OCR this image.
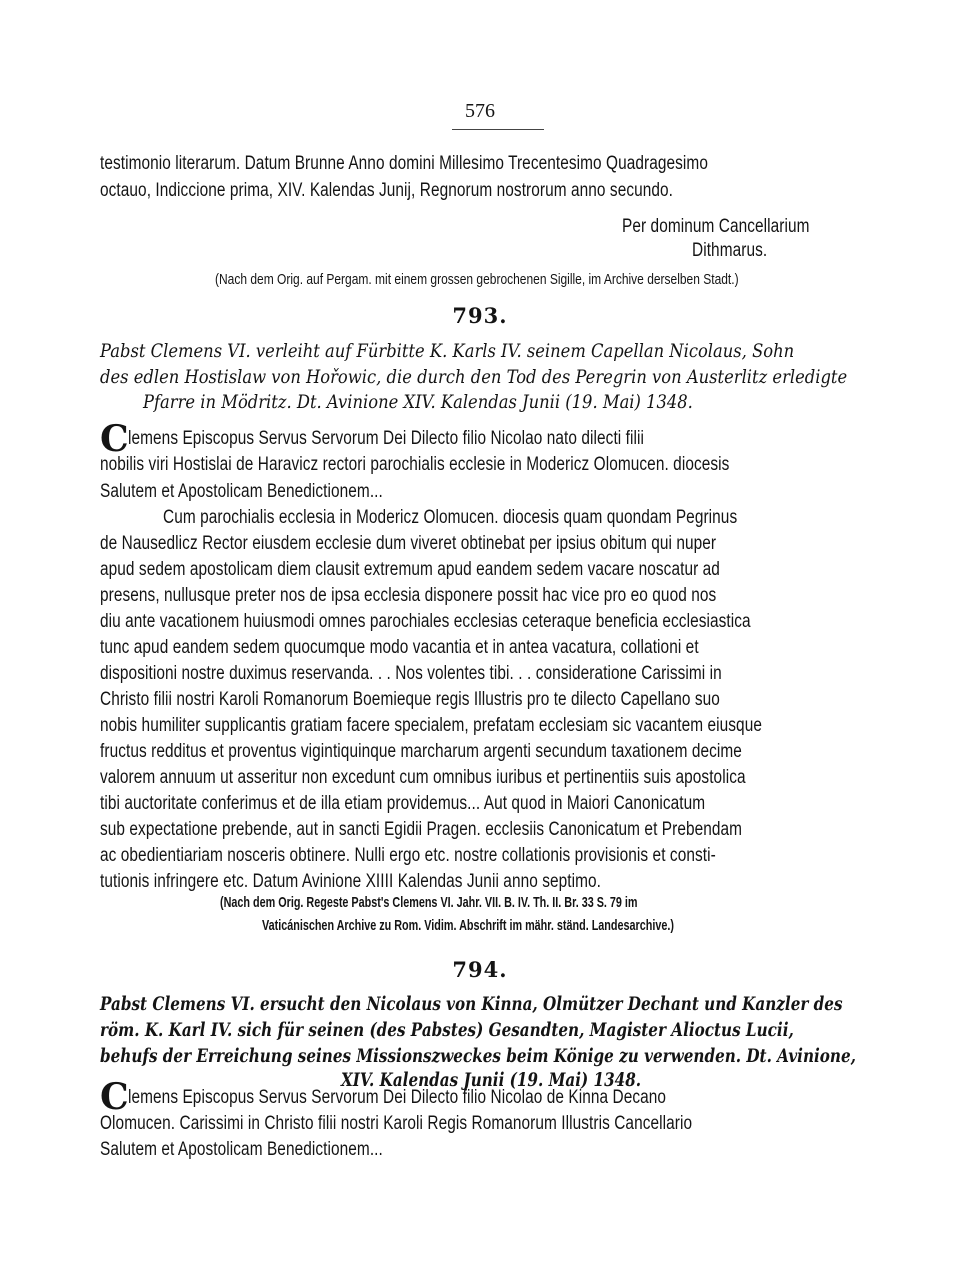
576
testimonio literarum. Datum Brunne Anno domini Millesimo Trecentesimo Quadragesimo
octauo, Indiccione prima, XIV. Kalendas Junij, Regnorum nostrorum anno secundo.
Per dominum Cancellarium
Dithmarus.
(Nach dem Orig. auf Pergam. mit einem grossen gebrochenen Sigille, im Archive derselben Stadt.)
793.
Pabst Clemens VI. verleiht auf Fürbitte K. Karls IV. seinem Capellan Nicolaus, Sohn
des edlen Hostislaw von Hořowic, die durch den Tod des Peregrin von Austerlitz erledigte
Pfarre in Mödritz. Dt. Avinione XIV. Kalendas Junii (19. Mai) 1348.
C lemens Episcopus Servus Servorum Dei Dilecto filio Nicolao nato dilecti filii
nobilis viri Hostislai de Haravicz rectori parochialis ecclesie in Modericz Olomucen. diocesis
Salutem et Apostolicam Benedictionem...
Cum parochialis ecclesia in Modericz Olomucen. diocesis quam quondam Pegrinus
de Nausedlicz Rector eiusdem ecclesie dum viveret obtinebat per ipsius obitum qui nuper
apud sedem apostolicam diem clausit extremum apud eandem sedem vacare noscatur ad
presens, nullusque preter nos de ipsa ecclesia disponere possit hac vice pro eo quod nos
diu ante vacationem huiusmodi omnes parochiales ecclesias ceteraque beneficia ecclesiastica
tunc apud eandem sedem quocumque modo vacantia et in antea vacatura, collationi et
dispositioni nostre duximus reservanda. . . Nos volentes tibi. . . consideratione Carissimi in
Christo filii nostri Karoli Romanorum Boemieque regis Illustris pro te dilecto Capellano suo
nobis humiliter supplicantis gratiam facere specialem, prefatam ecclesiam sic vacantem eiusque
fructus redditus et proventus vigintiquinque marcharum argenti secundum taxationem decime
valorem annuum ut asseritur non excedunt cum omnibus iuribus et pertinentiis suis apostolica
tibi auctoritate conferimus et de illa etiam providemus... Aut quod in Maiori Canonicatum
sub expectatione prebende, aut in sancti Egidii Pragen. ecclesiis Canonicatum et Prebendam
ac obedientiariam nosceris obtinere. Nulli ergo etc. nostre collationis provisionis et consti-
tutionis infringere etc. Datum Avinione XIIII Kalendas Junii anno septimo.
(Nach dem Orig. Regeste Pabst's Clemens VI. Jahr. VII. B. IV. Th. II. Br. 33 S. 79 im
Vaticánischen Archive zu Rom. Vidim. Abschrift im mähr. ständ. Landesarchive.)
794.
Pabst Clemens VI. ersucht den Nicolaus von Kinna, Olmützer Dechant und Kanzler des
röm. K. Karl IV. sich für seinen (des Pabstes) Gesandten, Magister Alioctus Lucii,
behufs der Erreichung seines Missionszweckes beim Könige zu verwenden. Dt. Avinione,
XIV. Kalendas Junii (19. Mai) 1348.
C lemens Episcopus Servus Servorum Dei Dilecto filio Nicolao de Kinna Decano
Olomucen. Carissimi in Christo filii nostri Karoli Regis Romanorum Illustris Cancellario
Salutem et Apostolicam Benedictionem...
